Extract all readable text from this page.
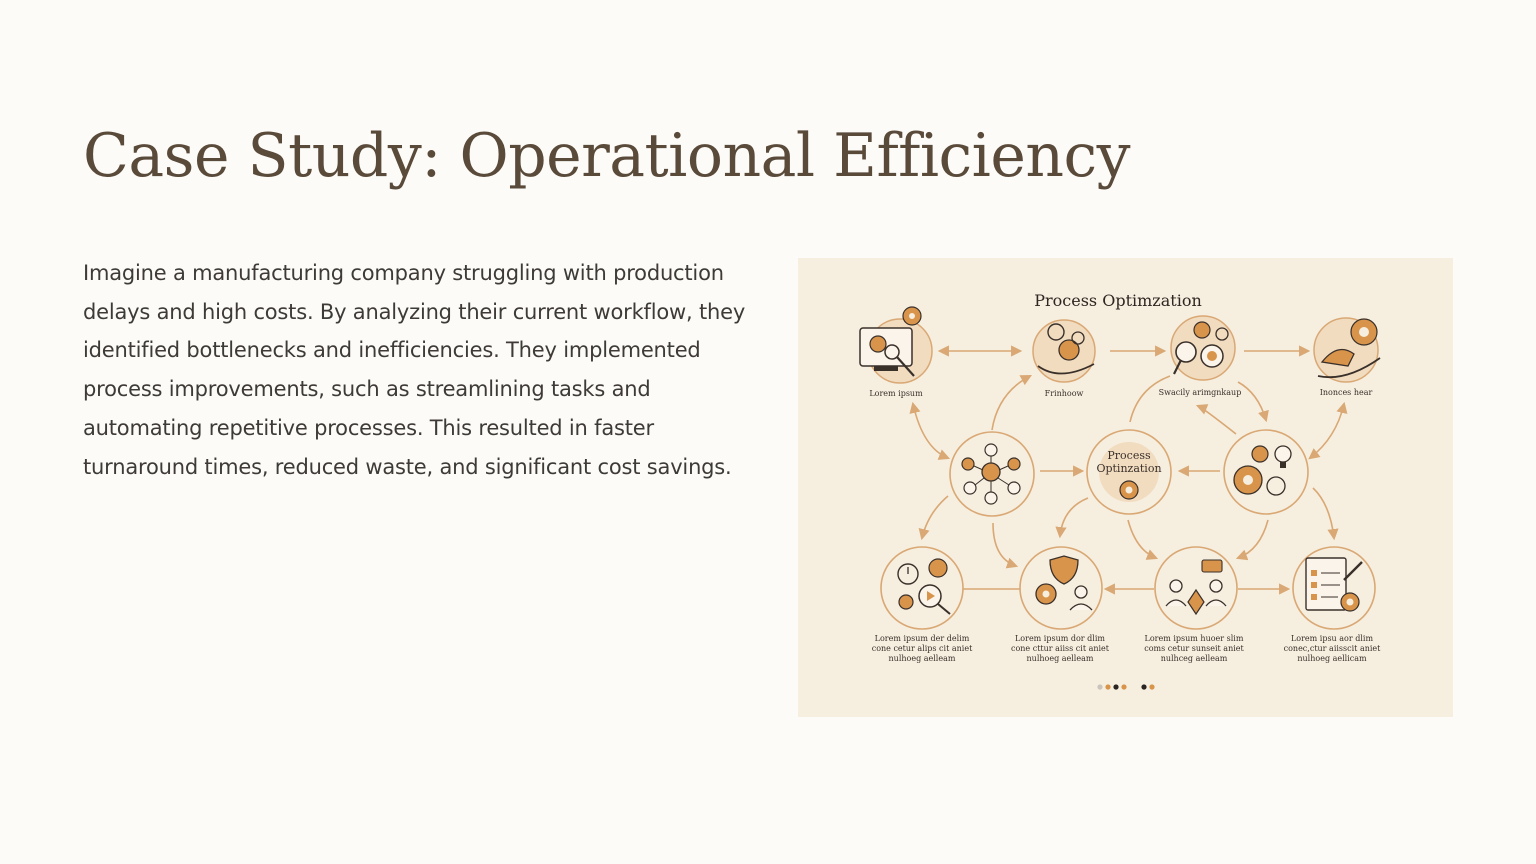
Case Study: Operational Efficiency

Imagine a manufacturing company struggling with production delays and high costs. By analyzing their current workflow, they identified bottlenecks and inefficiencies. They implemented process improvements, such as streamlining tasks and automating repetitive processes. This resulted in faster turnaround times, reduced waste, and significant cost savings.

Process Optimzation
Lorem ipsum	Frinhoow	Swacily arimgnkaup	Inonces hear
Process
Optinzation
Lorem ipsum der delim
cone cetur alips cit aniet
nulhoeg aelleam
Lorem ipsum dor dlim
cone cttur aiiss cit aniet
nulhoeg aelleam
Lorem ipsum huoer slim
coms cetur sunseit aniet
nulhceg aelleam
Lorem ipsu aor dlim
conec,ctur aiisscit aniet
nulhoeg aellicam
